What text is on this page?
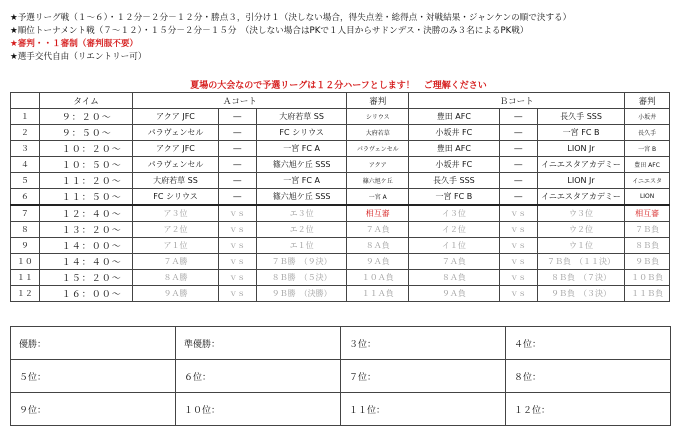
★予選リーグ戦（１～６）・１２分－２分－１２分・勝点３，引分け１（決しない場合，得失点差・総得点・対戦結果・ジャンケンの順で決する）
★順位トーナメント戦（７～１２）・１５分－２分－１５分　（決しない場合はPKで１人目からサドンデス・決勝のみ３名によるPK戦）
★審判・・１審制（審判服不要）
★選手交代自由（リエントリー可）
夏場の大会なので予選リーグは１２分ハーフとします！　ご理解ください
	タイム	Ａコート			審判	Ｂコート			審判
１	９：２０～	アクア JFC	―	大府若草 SS	シリウス	豊田 AFC	―	長久手 SSS	小坂井
２	９：５０～	パラヴェンセル	―	FC シリウス	大府若草	小坂井 FC	―	一宮 FC B	長久手
３	１０：２０～	アクア JFC	―	一宮 FC A	パラヴェンセル	豊田 AFC	―	LION Jr	一宮 B
４	１０：５０～	パラヴェンセル	―	篠六旭ケ丘 SSS	アクア	小坂井 FC	―	イニエスタアカデミー	豊田 AFC
５	１１：２０～	大府若草 SS	―	一宮 FC A	篠六旭ケ丘	長久手 SSS	―	LION Jr	イニエスタ
６	１１：５０～	FC シリウス	―	篠六旭ケ丘 SSS	一宮 A	一宮 FC B	―	イニエスタアカデミー	LION
７	１２：４０～	ア３位	ｖｓ	エ３位	相互審	イ３位	ｖｓ	ウ３位	相互審
８	１３：２０～	ア２位	ｖｓ	エ２位	７Ａ負	イ２位	ｖｓ	ウ２位	７Ｂ負
９	１４：００～	ア１位	ｖｓ	エ１位	８Ａ負	イ１位	ｖｓ	ウ１位	８Ｂ負
１０	１４：４０～	７Ａ勝	ｖｓ	７Ｂ勝　（９決）	９Ａ負	７Ａ負	ｖｓ	７Ｂ負　（１１決）	９Ｂ負
１１	１５：２０～	８Ａ勝	ｖｓ	８Ｂ勝　（５決）	１０Ａ負	８Ａ負	ｖｓ	８Ｂ負　（７決）	１０Ｂ負
１２	１６：００～	９Ａ勝	ｖｓ	９Ｂ勝　（決勝）	１１Ａ負	９Ａ負	ｖｓ	９Ｂ負　（３決）	１１Ｂ負
優勝：	準優勝：	３位：	４位：
５位：	６位：	７位：	８位：
９位：	１０位：	１１位：	１２位：
